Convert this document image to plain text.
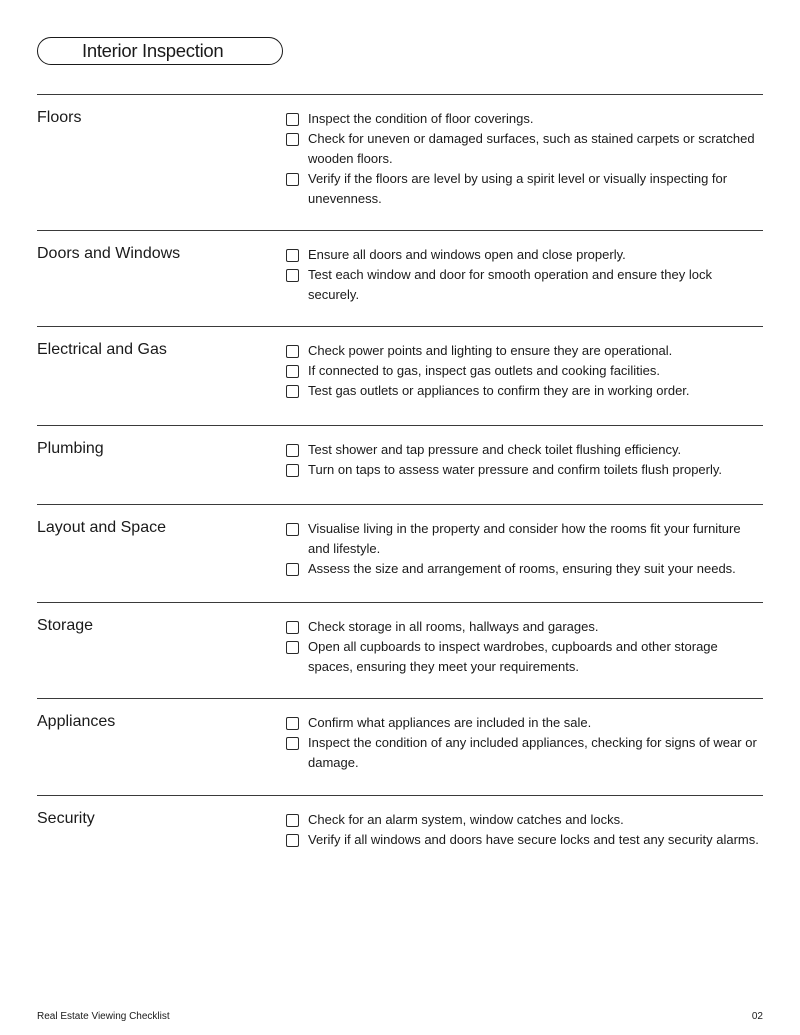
Interior Inspection
Floors	Inspect the condition of floor coverings.
Check for uneven or damaged surfaces, such as stained carpets or scratched wooden floors.
Verify if the floors are level by using a spirit level or visually inspecting for unevenness.
Doors and Windows	Ensure all doors and windows open and close properly.
Test each window and door for smooth operation and ensure they lock securely.
Electrical and Gas	Check power points and lighting to ensure they are operational.
If connected to gas, inspect gas outlets and cooking facilities.
Test gas outlets or appliances to confirm they are in working order.
Plumbing	Test shower and tap pressure and check toilet flushing efficiency.
Turn on taps to assess water pressure and confirm toilets flush properly.
Layout and Space	Visualise living in the property and consider how the rooms fit your furniture and lifestyle.
Assess the size and arrangement of rooms, ensuring they suit your needs.
Storage	Check storage in all rooms, hallways and garages.
Open all cupboards to inspect wardrobes, cupboards and other storage spaces, ensuring they meet your requirements.
Appliances	Confirm what appliances are included in the sale.
Inspect the condition of any included appliances, checking for signs of wear or damage.
Security	Check for an alarm system, window catches and locks.
Verify if all windows and doors have secure locks and test any security alarms.
Real Estate Viewing Checklist	02
